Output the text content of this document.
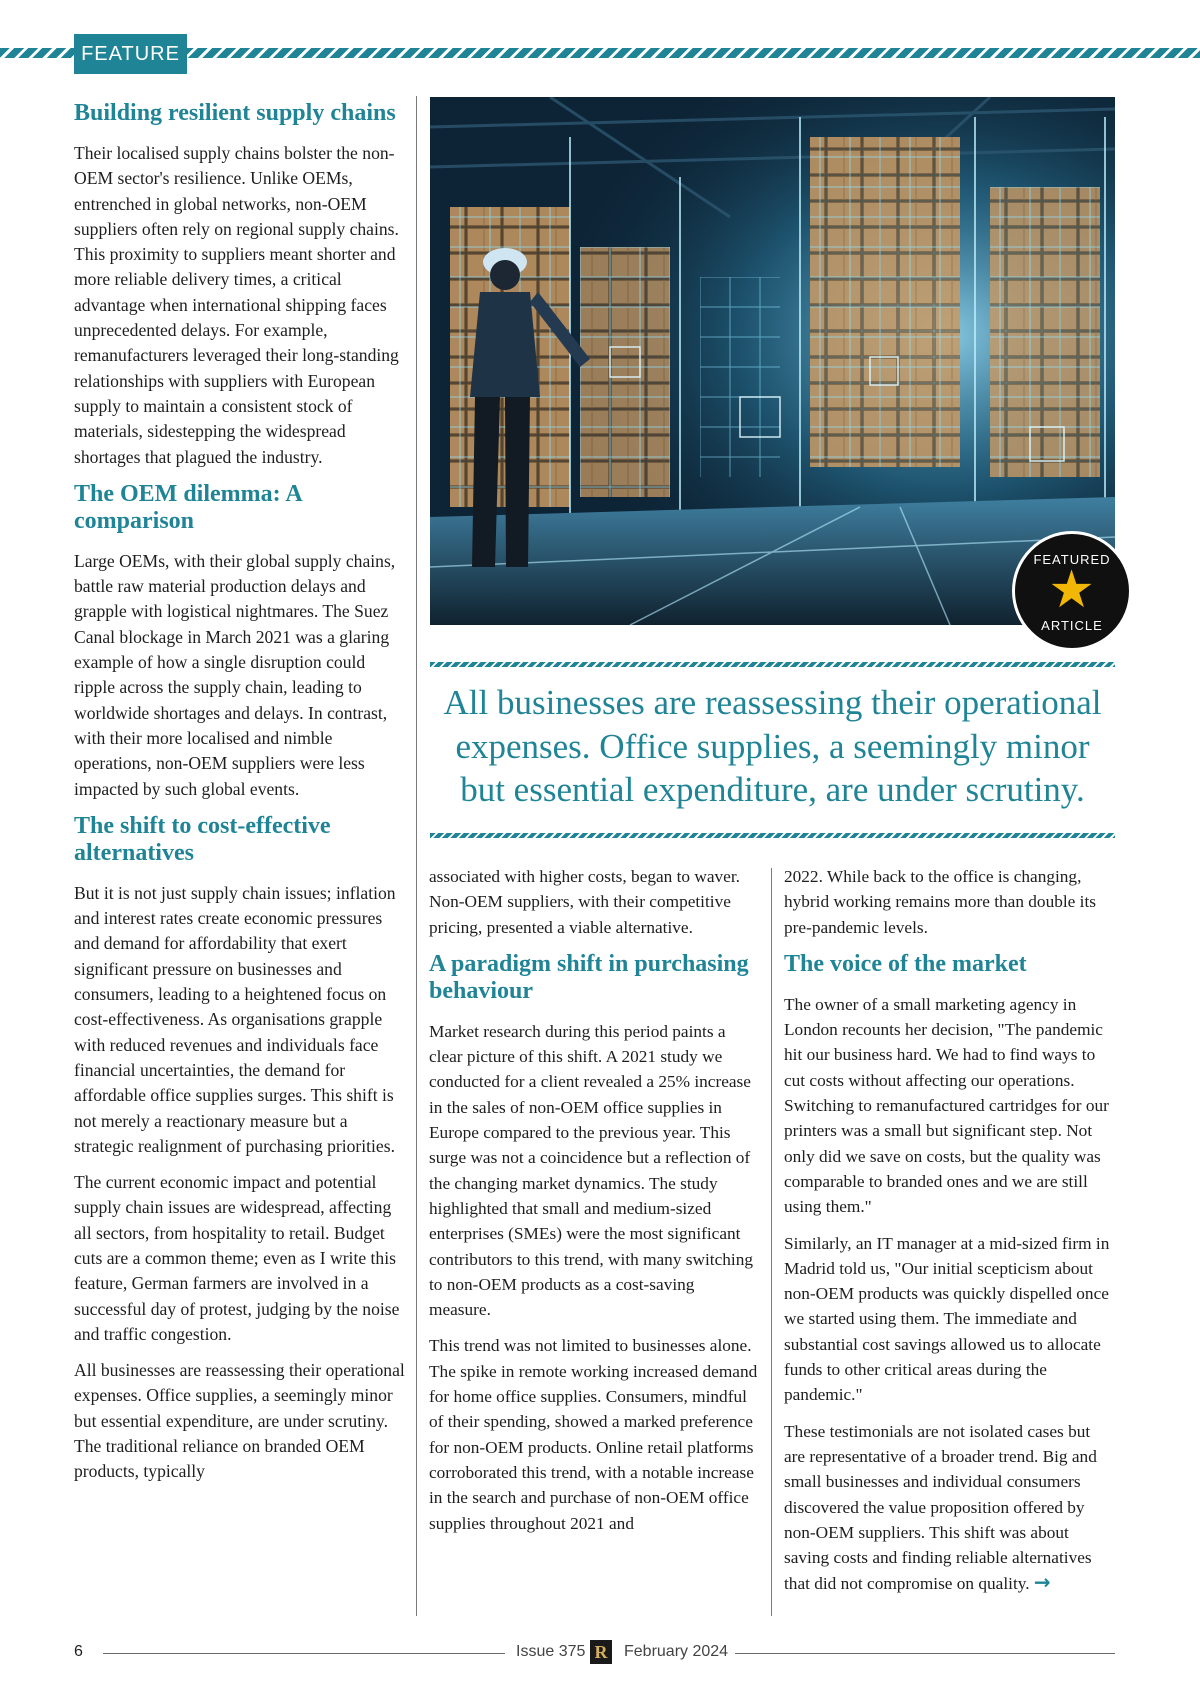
FEATURE
Building resilient supply chains

Their localised supply chains bolster the non-OEM sector's resilience. Unlike OEMs, entrenched in global networks, non-OEM suppliers often rely on regional supply chains. This proximity to suppliers meant shorter and more reliable delivery times, a critical advantage when international shipping faces unprecedented delays. For example, remanufacturers leveraged their long-standing relationships with suppliers with European supply to maintain a consistent stock of materials, sidestepping the widespread shortages that plagued the industry.

The OEM dilemma: A comparison

Large OEMs, with their global supply chains, battle raw material production delays and grapple with logistical nightmares. The Suez Canal blockage in March 2021 was a glaring example of how a single disruption could ripple across the supply chain, leading to worldwide shortages and delays. In contrast, with their more localised and nimble operations, non-OEM suppliers were less impacted by such global events.

The shift to cost-effective alternatives

But it is not just supply chain issues; inflation and interest rates create economic pressures and demand for affordability that exert significant pressure on businesses and consumers, leading to a heightened focus on cost-effectiveness. As organisations grapple with reduced revenues and individuals face financial uncertainties, the demand for affordable office supplies surges. This shift is not merely a reactionary measure but a strategic realignment of purchasing priorities.

The current economic impact and potential supply chain issues are widespread, affecting all sectors, from hospitality to retail. Budget cuts are a common theme; even as I write this feature, German farmers are involved in a successful day of protest, judging by the noise and traffic congestion.

All businesses are reassessing their operational expenses. Office supplies, a seemingly minor but essential expenditure, are under scrutiny. The traditional reliance on branded OEM products, typically

FEATURED
★
ARTICLE
All businesses are reassessing their operational expenses. Office supplies, a seemingly minor but essential expenditure, are under scrutiny.

associated with higher costs, began to waver. Non-OEM suppliers, with their competitive pricing, presented a viable alternative.

A paradigm shift in purchasing behaviour

Market research during this period paints a clear picture of this shift. A 2021 study we conducted for a client revealed a 25% increase in the sales of non-OEM office supplies in Europe compared to the previous year. This surge was not a coincidence but a reflection of the changing market dynamics. The study highlighted that small and medium-sized enterprises (SMEs) were the most significant contributors to this trend, with many switching to non-OEM products as a cost-saving measure.

This trend was not limited to businesses alone. The spike in remote working increased demand for home office supplies. Consumers, mindful of their spending, showed a marked preference for non-OEM products. Online retail platforms corroborated this trend, with a notable increase in the search and purchase of non-OEM office supplies throughout 2021 and

2022. While back to the office is changing, hybrid working remains more than double its pre-pandemic levels.

The voice of the market

The owner of a small marketing agency in London recounts her decision, "The pandemic hit our business hard. We had to find ways to cut costs without affecting our operations. Switching to remanufactured cartridges for our printers was a small but significant step. Not only did we save on costs, but the quality was comparable to branded ones and we are still using them."

Similarly, an IT manager at a mid-sized firm in Madrid told us, "Our initial scepticism about non-OEM products was quickly dispelled once we started using them. The immediate and substantial cost savings allowed us to allocate funds to other critical areas during the pandemic."

These testimonials are not isolated cases but are representative of a broader trend. Big and small businesses and individual consumers discovered the value proposition offered by non-OEM suppliers. This shift was about saving costs and finding reliable alternatives that did not compromise on quality. →

6	Issue 375 R February 2024
